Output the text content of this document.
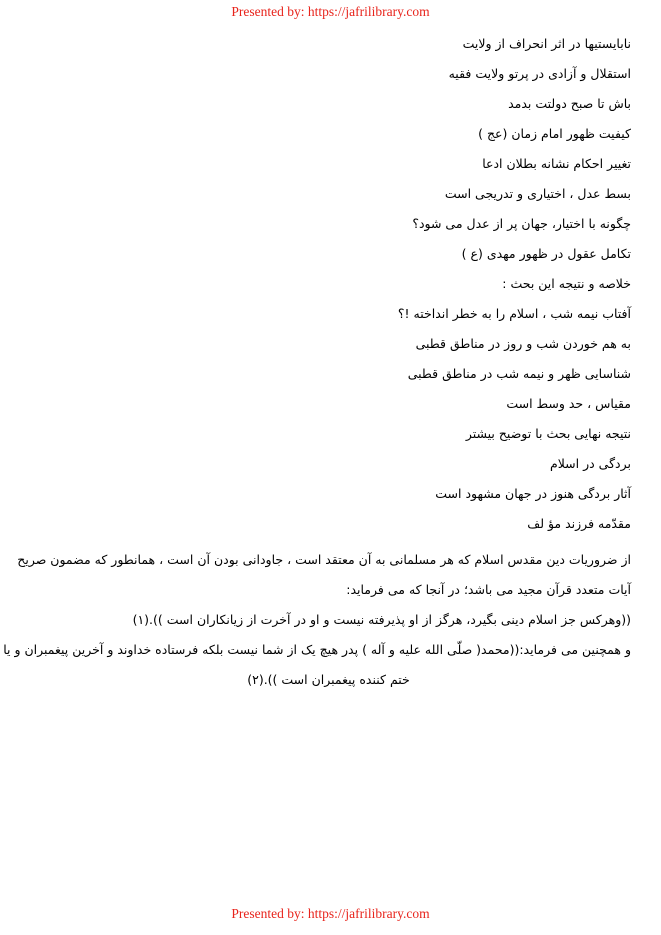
Presented by: https://jafrilibrary.com
نابایستیها در اثر انحراف از ولایت
استقلال و آزادی در پرتو ولایت فقیه
باش تا صبح دولتت بدمد
کیفیت ظهور امام زمان (عج )
تغییر احکام نشانه بطلان ادعا
بسط عدل ، اختیاری و تدریجی است
چگونه با اختیار، جهان پر از عدل می شود؟
تکامل عقول در ظهور مهدی (ع )
خلاصه و نتیجه این بحث :
آفتاب نیمه شب ، اسلام را به خطر انداخته !؟
به هم خوردن شب و روز در مناطق قطبی
شناسایی ظهر و نیمه شب در مناطق قطبی
مقیاس ، حد وسط است
نتیجه نهایی بحث با توضیح بیشتر
بردگی در اسلام
آثار بردگی هنوز در جهان مشهود است
مقدّمه فرزند مؤ لف
از ضروریات دین مقدس اسلام که هر مسلمانی به آن معتقد است ، جاودانی بودن آن است ، همانطور که مضمون صریح
آیات متعدد قرآن مجید می باشد؛ در آنجا که می فرماید:
((وهرکس جز اسلام دینی بگیرد، هرگز از او پذیرفته نیست و او در آخرت از زیانکاران است )).(۱)
و همچنین می فرماید:((محمد( صلّی الله علیه و آله ) پدر هیچ یک از شما نیست بلکه فرستاده خداوند و آخرین پیغمبران و یا
ختم کننده پیغمبران است )).(۲)
Presented by: https://jafrilibrary.com
